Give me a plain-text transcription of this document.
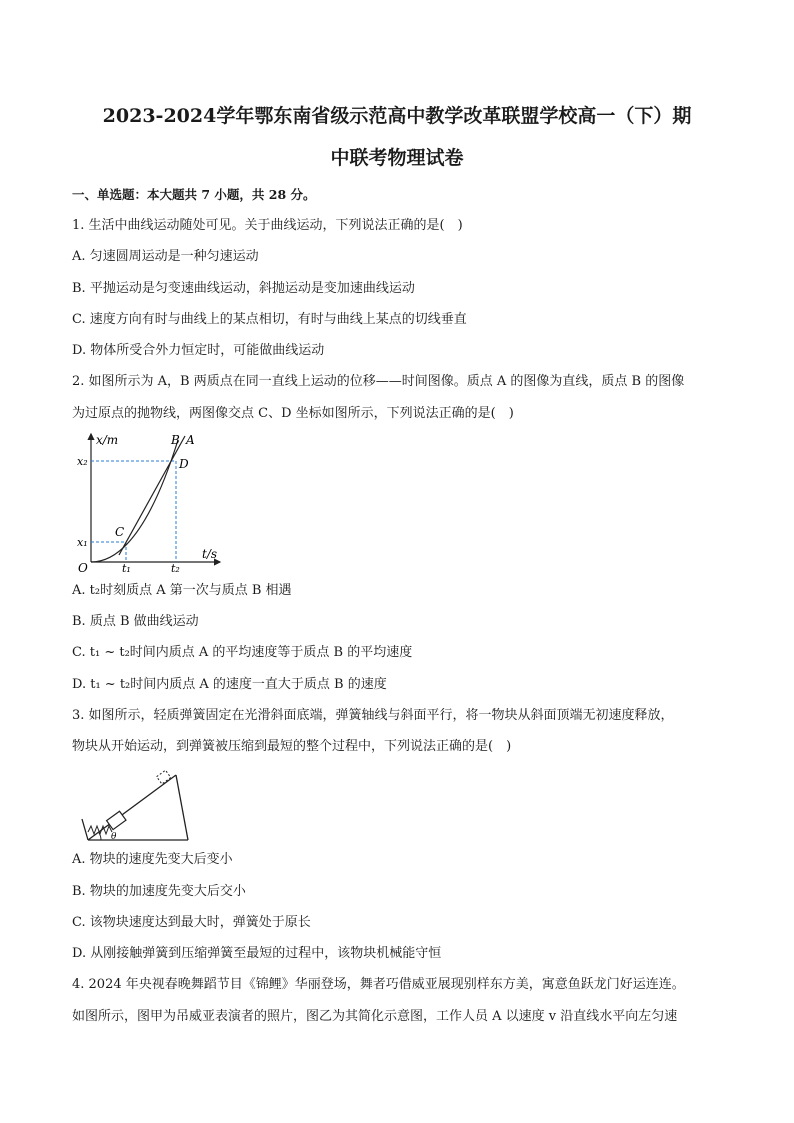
2023-2024学年鄂东南省级示范高中教学改革联盟学校高一（下）期
中联考物理试卷
一、单选题：本大题共 7 小题，共 28 分。
1. 生活中曲线运动随处可见。关于曲线运动，下列说法正确的是(　)
A. 匀速圆周运动是一种匀速运动
B. 平抛运动是匀变速曲线运动，斜抛运动是变加速曲线运动
C. 速度方向有时与曲线上的某点相切，有时与曲线上某点的切线垂直
D. 物体所受合外力恒定时，可能做曲线运动
2. 如图所示为 A，B 两质点在同一直线上运动的位移——时间图像。质点 A 的图像为直线，质点 B 的图像
为过原点的抛物线，两图像交点 C、D 坐标如图所示，下列说法正确的是(　)
x/m
t/s
O
x₂
x₁
t₁	t₂
C
D
B A
A. t₂时刻质点 A 第一次与质点 B 相遇
B. 质点 B 做曲线运动
C. t₁ ~ t₂时间内质点 A 的平均速度等于质点 B 的平均速度
D. t₁ ~ t₂时间内质点 A 的速度一直大于质点 B 的速度
3. 如图所示，轻质弹簧固定在光滑斜面底端，弹簧轴线与斜面平行，将一物块从斜面顶端无初速度释放，
物块从开始运动，到弹簧被压缩到最短的整个过程中，下列说法正确的是(　)
θ
A. 物块的速度先变大后变小
B. 物块的加速度先变大后交小
C. 该物块速度达到最大时，弹簧处于原长
D. 从刚接触弹簧到压缩弹簧至最短的过程中，该物块机械能守恒
4. 2024 年央视春晚舞蹈节目《锦鲤》华丽登场，舞者巧借威亚展现别样东方美，寓意鱼跃龙门好运连连。
如图所示，图甲为吊威亚表演者的照片，图乙为其简化示意图，工作人员 A 以速度 v 沿直线水平向左匀速
